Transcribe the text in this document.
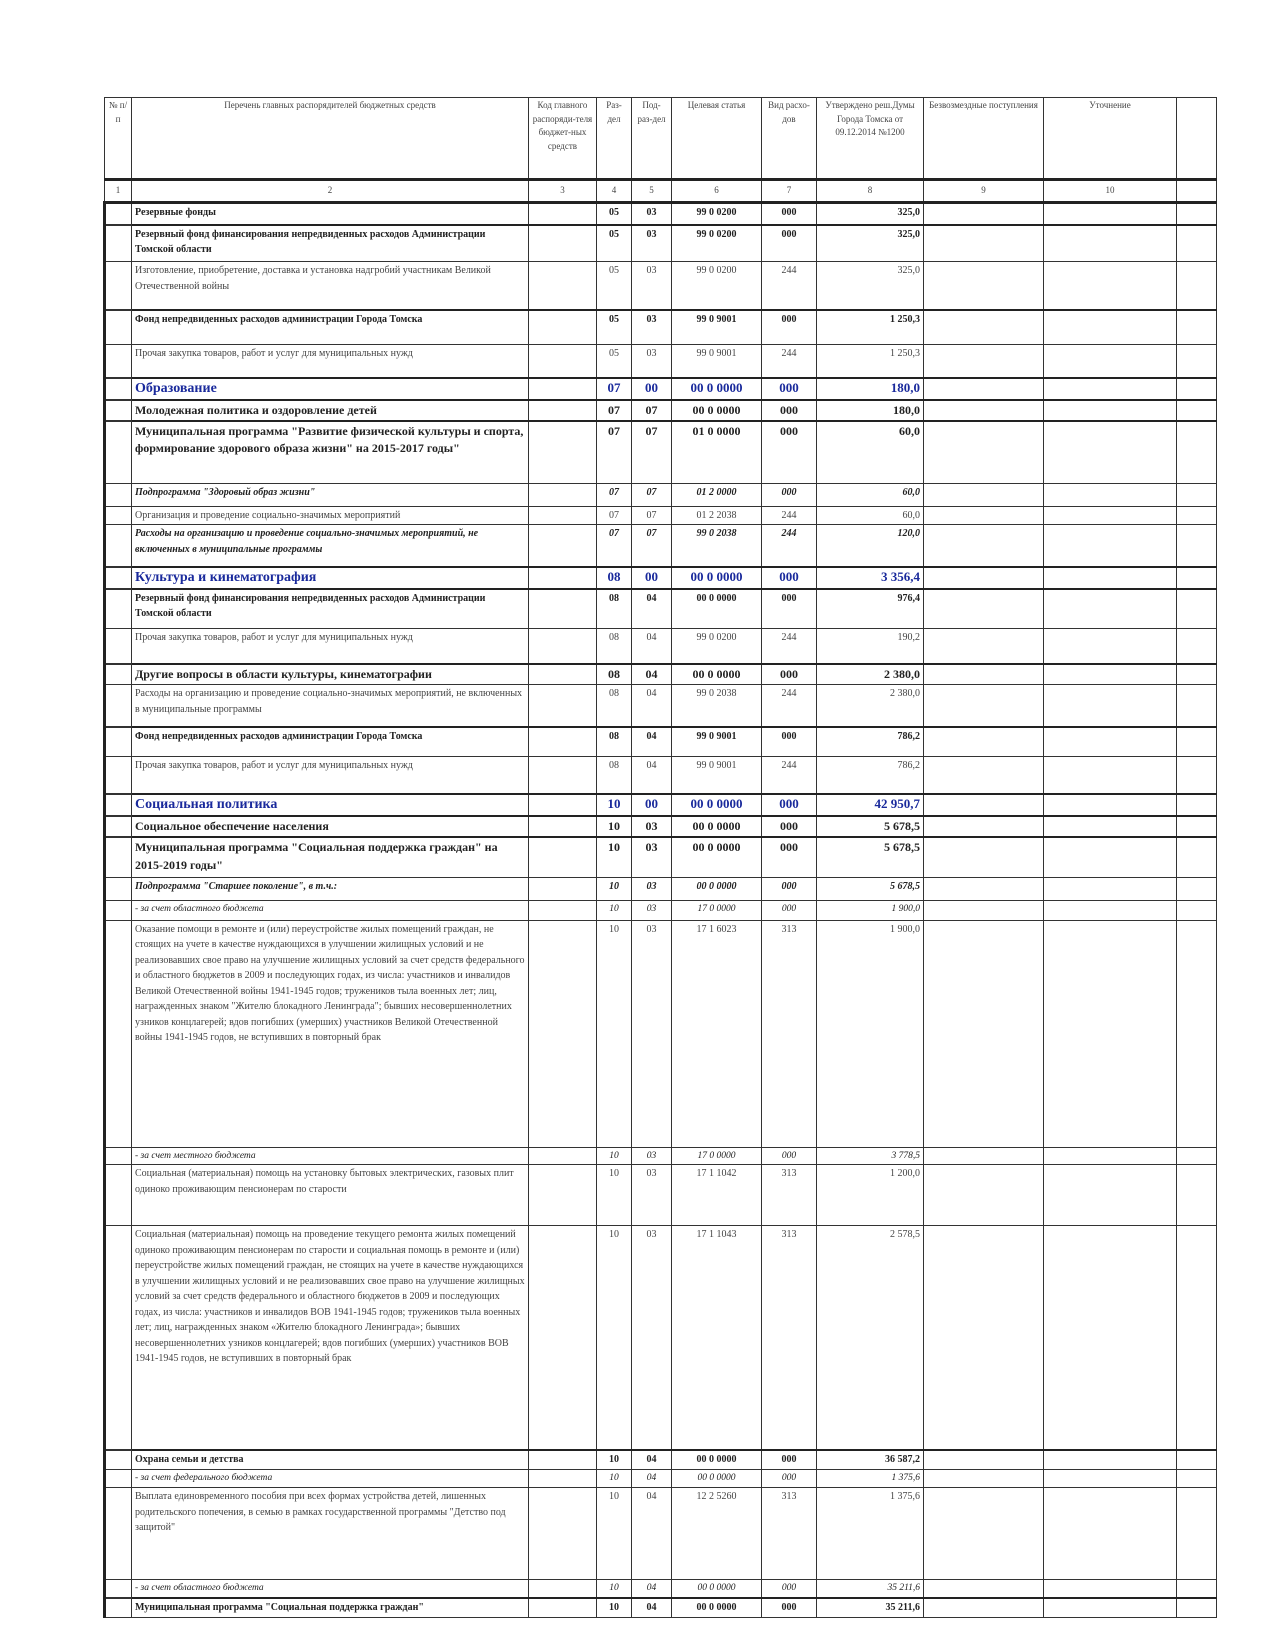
№ п/п	Перечень главных распорядителей бюджетных средств	Код главного распоряди-теля бюджет-ных средств	Раз-дел	Под-раз-дел	Целевая статья	Вид расхо-дов	Утверждено реш.Думы Города Томска от 09.12.2014 №1200	Безвозмездные поступления	Уточнение	
1	2	3	4	5	6	7	8	9	10	
	Резервные фонды		05	03	99 0 0200	000	325,0			
	Резервный фонд финансирования непредвиденных расходов Администрации Томской области		05	03	99 0 0200	000	325,0			
	Изготовление, приобретение, доставка и установка надгробий участникам Великой Отечественной войны		05	03	99 0 0200	244	325,0			
	Фонд непредвиденных расходов администрации Города Томска		05	03	99 0 9001	000	1 250,3			
	Прочая закупка товаров, работ и услуг для муниципальных нужд		05	03	99 0 9001	244	1 250,3			
	Образование		07	00	00 0 0000	000	180,0			
	Молодежная политика и оздоровление детей		07	07	00 0 0000	000	180,0			
	Муниципальная программа "Развитие физической культуры и спорта, формирование здорового образа жизни" на 2015-2017 годы"		07	07	01 0 0000	000	60,0			
	Подпрограмма "Здоровый образ жизни"		07	07	01 2 0000	000	60,0			
	Организация и проведение социально-значимых мероприятий		07	07	01 2 2038	244	60,0			
	Расходы на организацию и проведение социально-значимых мероприятий, не включенных в муниципальные программы		07	07	99 0 2038	244	120,0			
	Культура и кинематография		08	00	00 0 0000	000	3 356,4			
	Резервный фонд финансирования непредвиденных расходов Администрации Томской области		08	04	00 0 0000	000	976,4			
	Прочая закупка товаров, работ и услуг для муниципальных нужд		08	04	99 0 0200	244	190,2			
	Другие вопросы в области культуры, кинематографии		08	04	00 0 0000	000	2 380,0			
	Расходы на организацию и проведение социально-значимых мероприятий, не включенных в муниципальные программы		08	04	99 0 2038	244	2 380,0			
	Фонд непредвиденных расходов администрации Города Томска		08	04	99 0 9001	000	786,2			
	Прочая закупка товаров, работ и услуг для муниципальных нужд		08	04	99 0 9001	244	786,2			
	Социальная политика		10	00	00 0 0000	000	42 950,7			
	Социальное обеспечение населения		10	03	00 0 0000	000	5 678,5			
	Муниципальная программа "Социальная поддержка граждан" на 2015-2019 годы"		10	03	00 0 0000	000	5 678,5			
	Подпрограмма "Старшее поколение", в т.ч.:		10	03	00 0 0000	000	5 678,5			
	- за счет областного бюджета		10	03	17 0 0000	000	1 900,0			
	Оказание помощи в ремонте и (или) переустройстве жилых помещений граждан, не стоящих на учете в качестве нуждающихся в улучшении жилищных условий и не реализовавших свое право на улучшение жилищных условий за счет средств федерального и областного бюджетов в 2009 и последующих годах, из числа: участников и инвалидов Великой Отечественной войны 1941-1945 годов; тружеников тыла военных лет; лиц, награжденных знаком "Жителю блокадного Ленинграда"; бывших несовершеннолетних узников концлагерей; вдов погибших (умерших) участников Великой Отечественной войны 1941-1945 годов, не вступивших в повторный брак		10	03	17 1 6023	313	1 900,0			
	- за счет местного бюджета		10	03	17 0 0000	000	3 778,5			
	Социальная (материальная) помощь на установку бытовых электрических, газовых плит одиноко проживающим пенсионерам по старости		10	03	17 1 1042	313	1 200,0			
	Социальная (материальная) помощь на проведение текущего ремонта жилых помещений одиноко проживающим пенсионерам по старости и социальная помощь в ремонте и (или) переустройстве жилых помещений граждан, не стоящих на учете в качестве нуждающихся в улучшении жилищных условий и не реализовавших свое право на улучшение жилищных условий за счет средств федерального и областного бюджетов в 2009 и последующих годах, из числа: участников и инвалидов ВОВ 1941-1945 годов; тружеников тыла военных лет; лиц, награжденных знаком «Жителю блокадного Ленинграда»; бывших несовершеннолетних узников концлагерей; вдов погибших (умерших) участников ВОВ 1941-1945 годов, не вступивших в повторный брак		10	03	17 1 1043	313	2 578,5			
	Охрана семьи и детства		10	04	00 0 0000	000	36 587,2			
	- за счет федерального бюджета		10	04	00 0 0000	000	1 375,6			
	Выплата единовременного пособия при всех формах устройства детей, лишенных родительского попечения, в семью в рамках государственной программы "Детство под защитой"		10	04	12 2 5260	313	1 375,6			
	- за счет областного бюджета		10	04	00 0 0000	000	35 211,6			
	Муниципальная программа "Социальная поддержка граждан"		10	04	00 0 0000	000	35 211,6			
